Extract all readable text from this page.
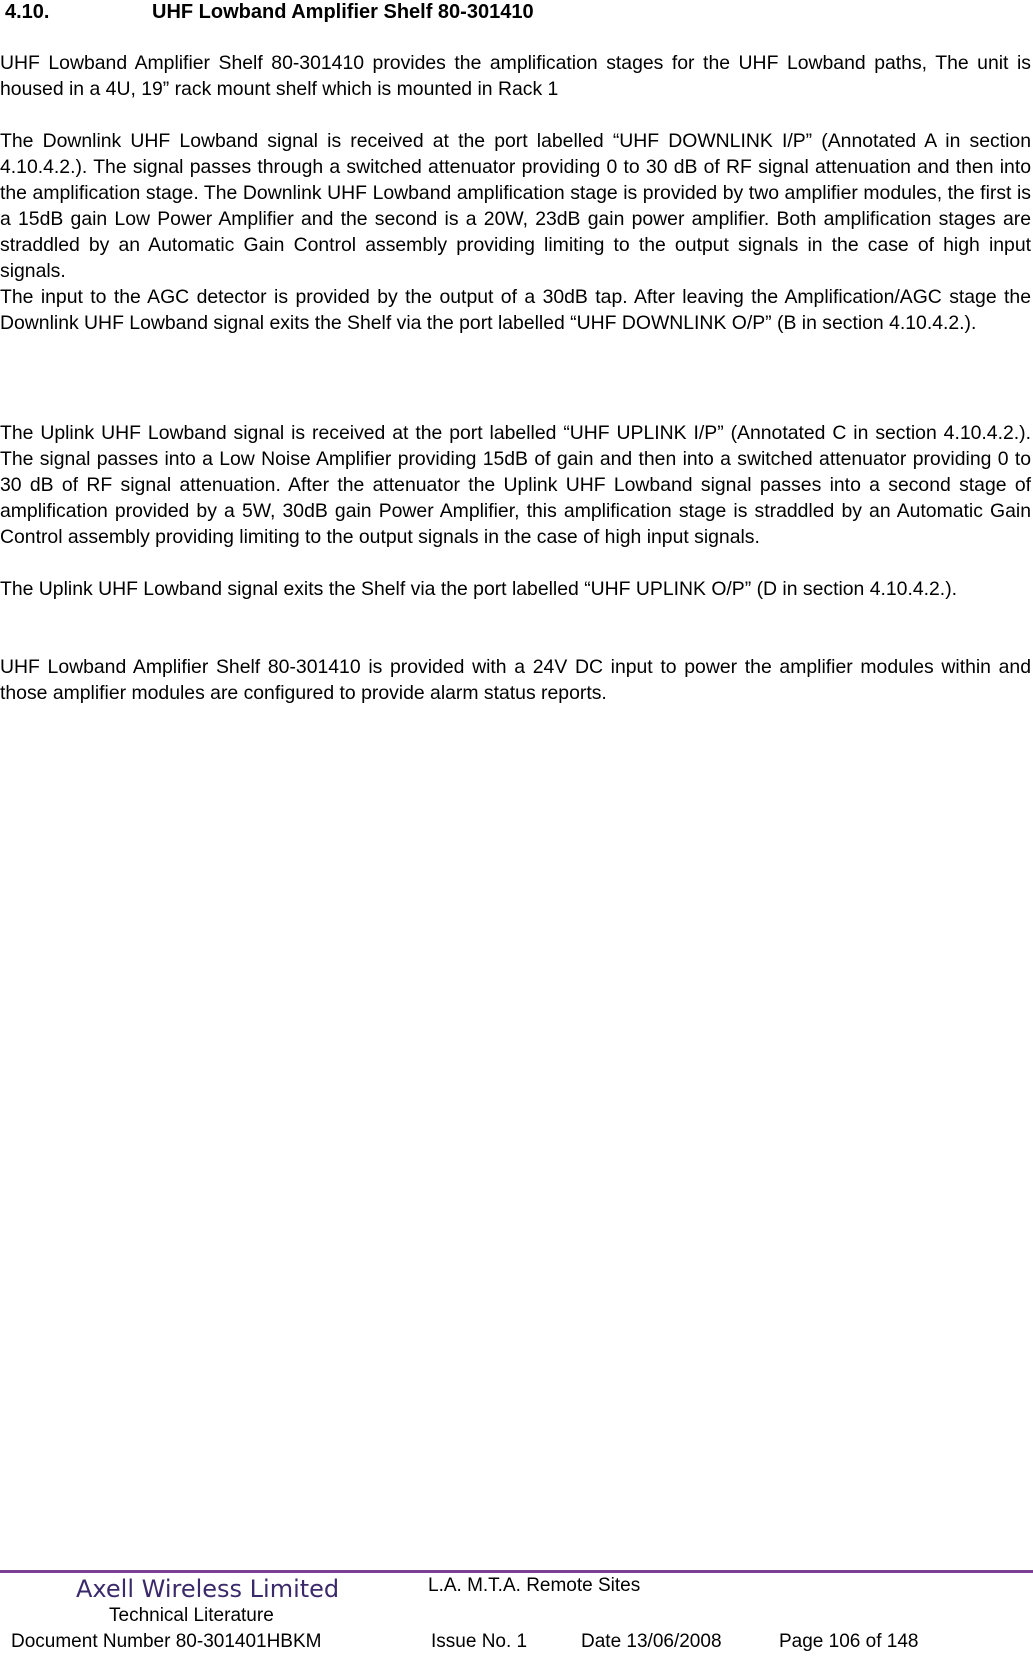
4.10.	UHF Lowband Amplifier Shelf 80-301410

UHF Lowband Amplifier Shelf 80-301410 provides the amplification stages for the UHF Lowband paths, The unit is housed in a 4U, 19” rack mount shelf which is mounted in Rack 1

The Downlink UHF Lowband signal is received at the port labelled “UHF DOWNLINK I/P” (Annotated A in section 4.10.4.2.). The signal passes through a switched attenuator providing 0 to 30 dB of RF signal attenuation and then into the amplification stage. The Downlink UHF Lowband amplification stage is provided by two amplifier modules, the first is a 15dB gain Low Power Amplifier and the second is a 20W, 23dB gain power amplifier. Both amplification stages are straddled by an Automatic Gain Control assembly providing limiting to the output signals in the case of high input signals.

The input to the AGC detector is provided by the output of a 30dB tap. After leaving the Amplification/AGC stage the Downlink UHF Lowband signal exits the Shelf via the port labelled “UHF DOWNLINK O/P” (B in section 4.10.4.2.).

The Uplink UHF Lowband signal is received at the port labelled “UHF UPLINK I/P” (Annotated C in section 4.10.4.2.). The signal passes into a Low Noise Amplifier providing 15dB of gain and then into a switched attenuator providing 0 to 30 dB of RF signal attenuation. After the attenuator the Uplink UHF Lowband signal passes into a second stage of amplification provided by a 5W, 30dB gain Power Amplifier, this amplification stage is straddled by an Automatic Gain Control assembly providing limiting to the output signals in the case of high input signals.

The Uplink UHF Lowband signal exits the Shelf via the port labelled “UHF UPLINK O/P” (D in section 4.10.4.2.).

UHF Lowband Amplifier Shelf 80-301410 is provided with a 24V DC input to power the amplifier modules within and those amplifier modules are configured to provide alarm status reports.

Axell Wireless Limited	L.A. M.T.A. Remote Sites
Technical Literature
Document Number 80-301401HBKM	Issue No. 1	Date 13/06/2008	Page 106 of 148
